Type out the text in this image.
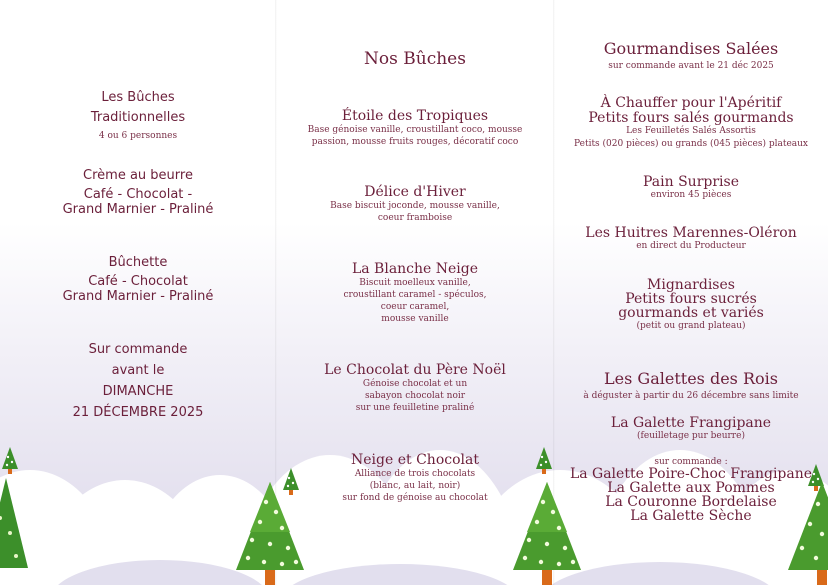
Les Bûches
Traditionnelles
4 ou 6 personnes
Crème au beurre
Café - Chocolat -
Grand Marnier - Praliné
Bûchette
Café - Chocolat
Grand Marnier - Praliné
Sur commande
avant le
DIMANCHE
21 DÉCEMBRE 2025
Nos Bûches
Étoile des Tropiques
Base génoise vanille, croustillant coco, mousse
passion, mousse fruits rouges, décoratif coco
Délice d'Hiver
Base biscuit joconde, mousse vanille,
coeur framboise
La Blanche Neige
Biscuit moelleux vanille,
croustillant caramel - spéculos,
coeur caramel,
mousse vanille
Le Chocolat du Père Noël
Génoise chocolat et un
sabayon chocolat noir
sur une feuilletine praliné
Neige et Chocolat
Alliance de trois chocolats
(blanc, au lait, noir)
sur fond de génoise au chocolat
Gourmandises Salées
sur commande avant le 21 déc 2025
À Chauffer pour l'Apéritif
Petits fours salés gourmands
Les Feuilletés Salés Assortis
Petits (020 pièces) ou grands (045 pièces) plateaux
Pain Surprise
environ 45 pièces
Les Huitres Marennes-Oléron
en direct du Producteur
Mignardises
Petits fours sucrés
gourmands et variés
(petit ou grand plateau)
Les Galettes des Rois
à déguster à partir du 26 décembre sans limite
La Galette Frangipane
(feuilletage pur beurre)
sur commande :
La Galette Poire-Choc Frangipane
La Galette aux Pommes
La Couronne Bordelaise
La Galette Sèche
